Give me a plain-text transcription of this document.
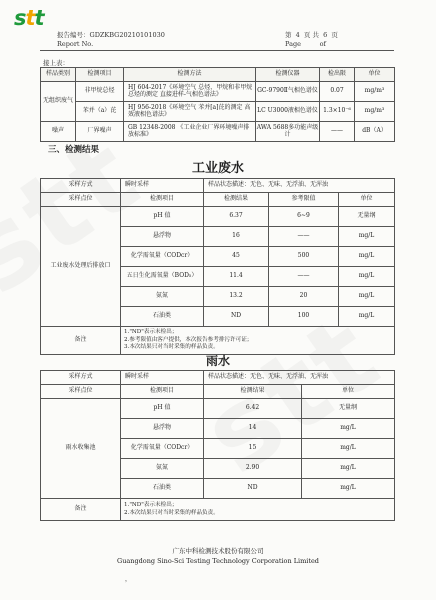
stt
报告编号：GDZKBG20210101030
Report No.
第 4 页 共 6 页
Page	of
接上表：
样品类别	检测项目	检测方法	检测仪器	检出限	单位
无组织废气	非甲烷总烃	HJ 604-2017《环境空气 总烃、甲烷和非甲烷总烃的测定 直接进样-气相色谱法》	GC-9790Ⅱ气相色谱仪	0.07	mg/m³
	苯并（a）芘	HJ 956-2018《环境空气 苯并[a]芘的测定 高效液相色谱法》	LC U3000液相色谱仪	1.3×10⁻⁶	mg/m³
噪声	厂界噪声	GB 12348-2008 《工业企业厂界环境噪声排放标准》	AWA 5688多功能声级计	——	dB（A）
三、检测结果
工业废水
采样方式	瞬时采样	样品状态描述：无色、无味、无浮油、无浑浊		
采样点位	检测项目	检测结果	参考限值	单位
工业废水处理后排放口	pH 值	6.37	6~9	无量纲
	悬浮物	16	——	mg/L
	化学需氧量（CODcr）	45	500	mg/L
	五日生化需氧量（BOD₅）	11.4	——	mg/L
	氨氮	13.2	20	mg/L
	石油类	ND	100	mg/L
备注	1."ND"表示未检出；
2.参考限值由客户提供，本次报告参考排污许可证；
3.本次结果只对当时采集的样品负责。			
雨水
采样方式	瞬时采样	样品状态描述：无色、无味、无浮油、无浑浊	
采样点位	检测项目	检测结果	单位
雨水收集池	pH 值	6.42	无量纲
	悬浮物	14	mg/L
	化学需氧量（CODcr）	15	mg/L
	氨氮	2.90	mg/L
	石油类	ND	mg/L
备注	1."ND"表示未检出；
2.本次结果只对当时采集的样品负责。		
广东中科检测技术股份有限公司
Guangdong Sino-Sci Testing Technology Corporation Limited
，
